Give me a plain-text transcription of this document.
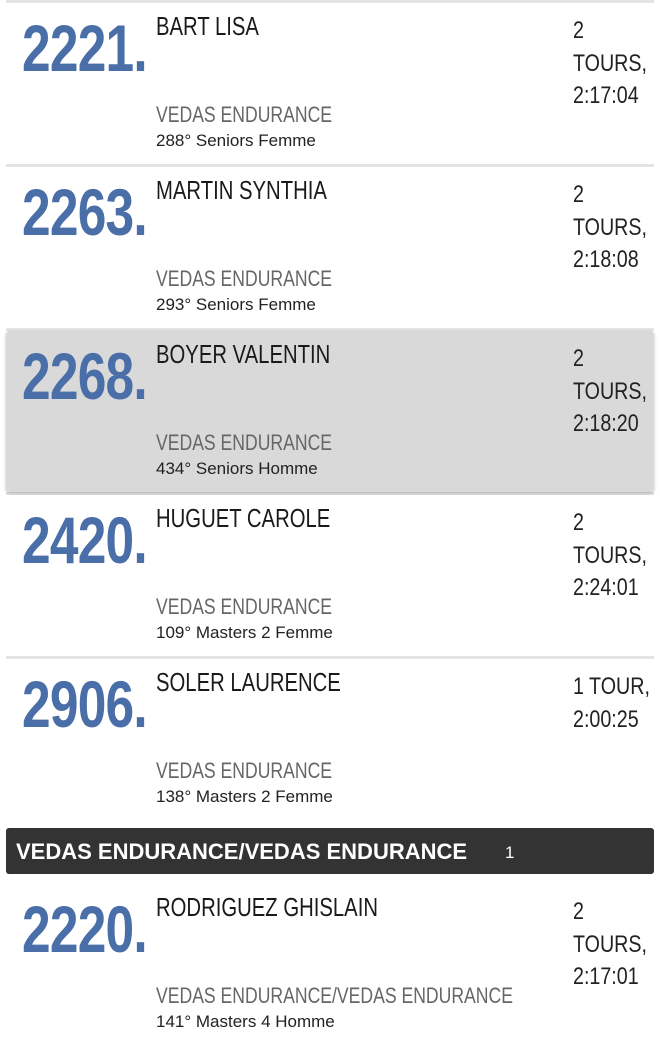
2221. BART LISA
VEDAS ENDURANCE
288° Seniors Femme
2
TOURS,
2:17:04
2263. MARTIN SYNTHIA
VEDAS ENDURANCE
293° Seniors Femme
2
TOURS,
2:18:08
2268. BOYER VALENTIN
VEDAS ENDURANCE
434° Seniors Homme
2
TOURS,
2:18:20
2420. HUGUET CAROLE
VEDAS ENDURANCE
109° Masters 2 Femme
2
TOURS,
2:24:01
2906. SOLER LAURENCE
VEDAS ENDURANCE
138° Masters 2 Femme
1 TOUR,
2:00:25
VEDAS ENDURANCE/VEDAS ENDURANCE 1
2220. RODRIGUEZ GHISLAIN
VEDAS ENDURANCE/VEDAS ENDURANCE
141° Masters 4 Homme
2
TOURS,
2:17:01
